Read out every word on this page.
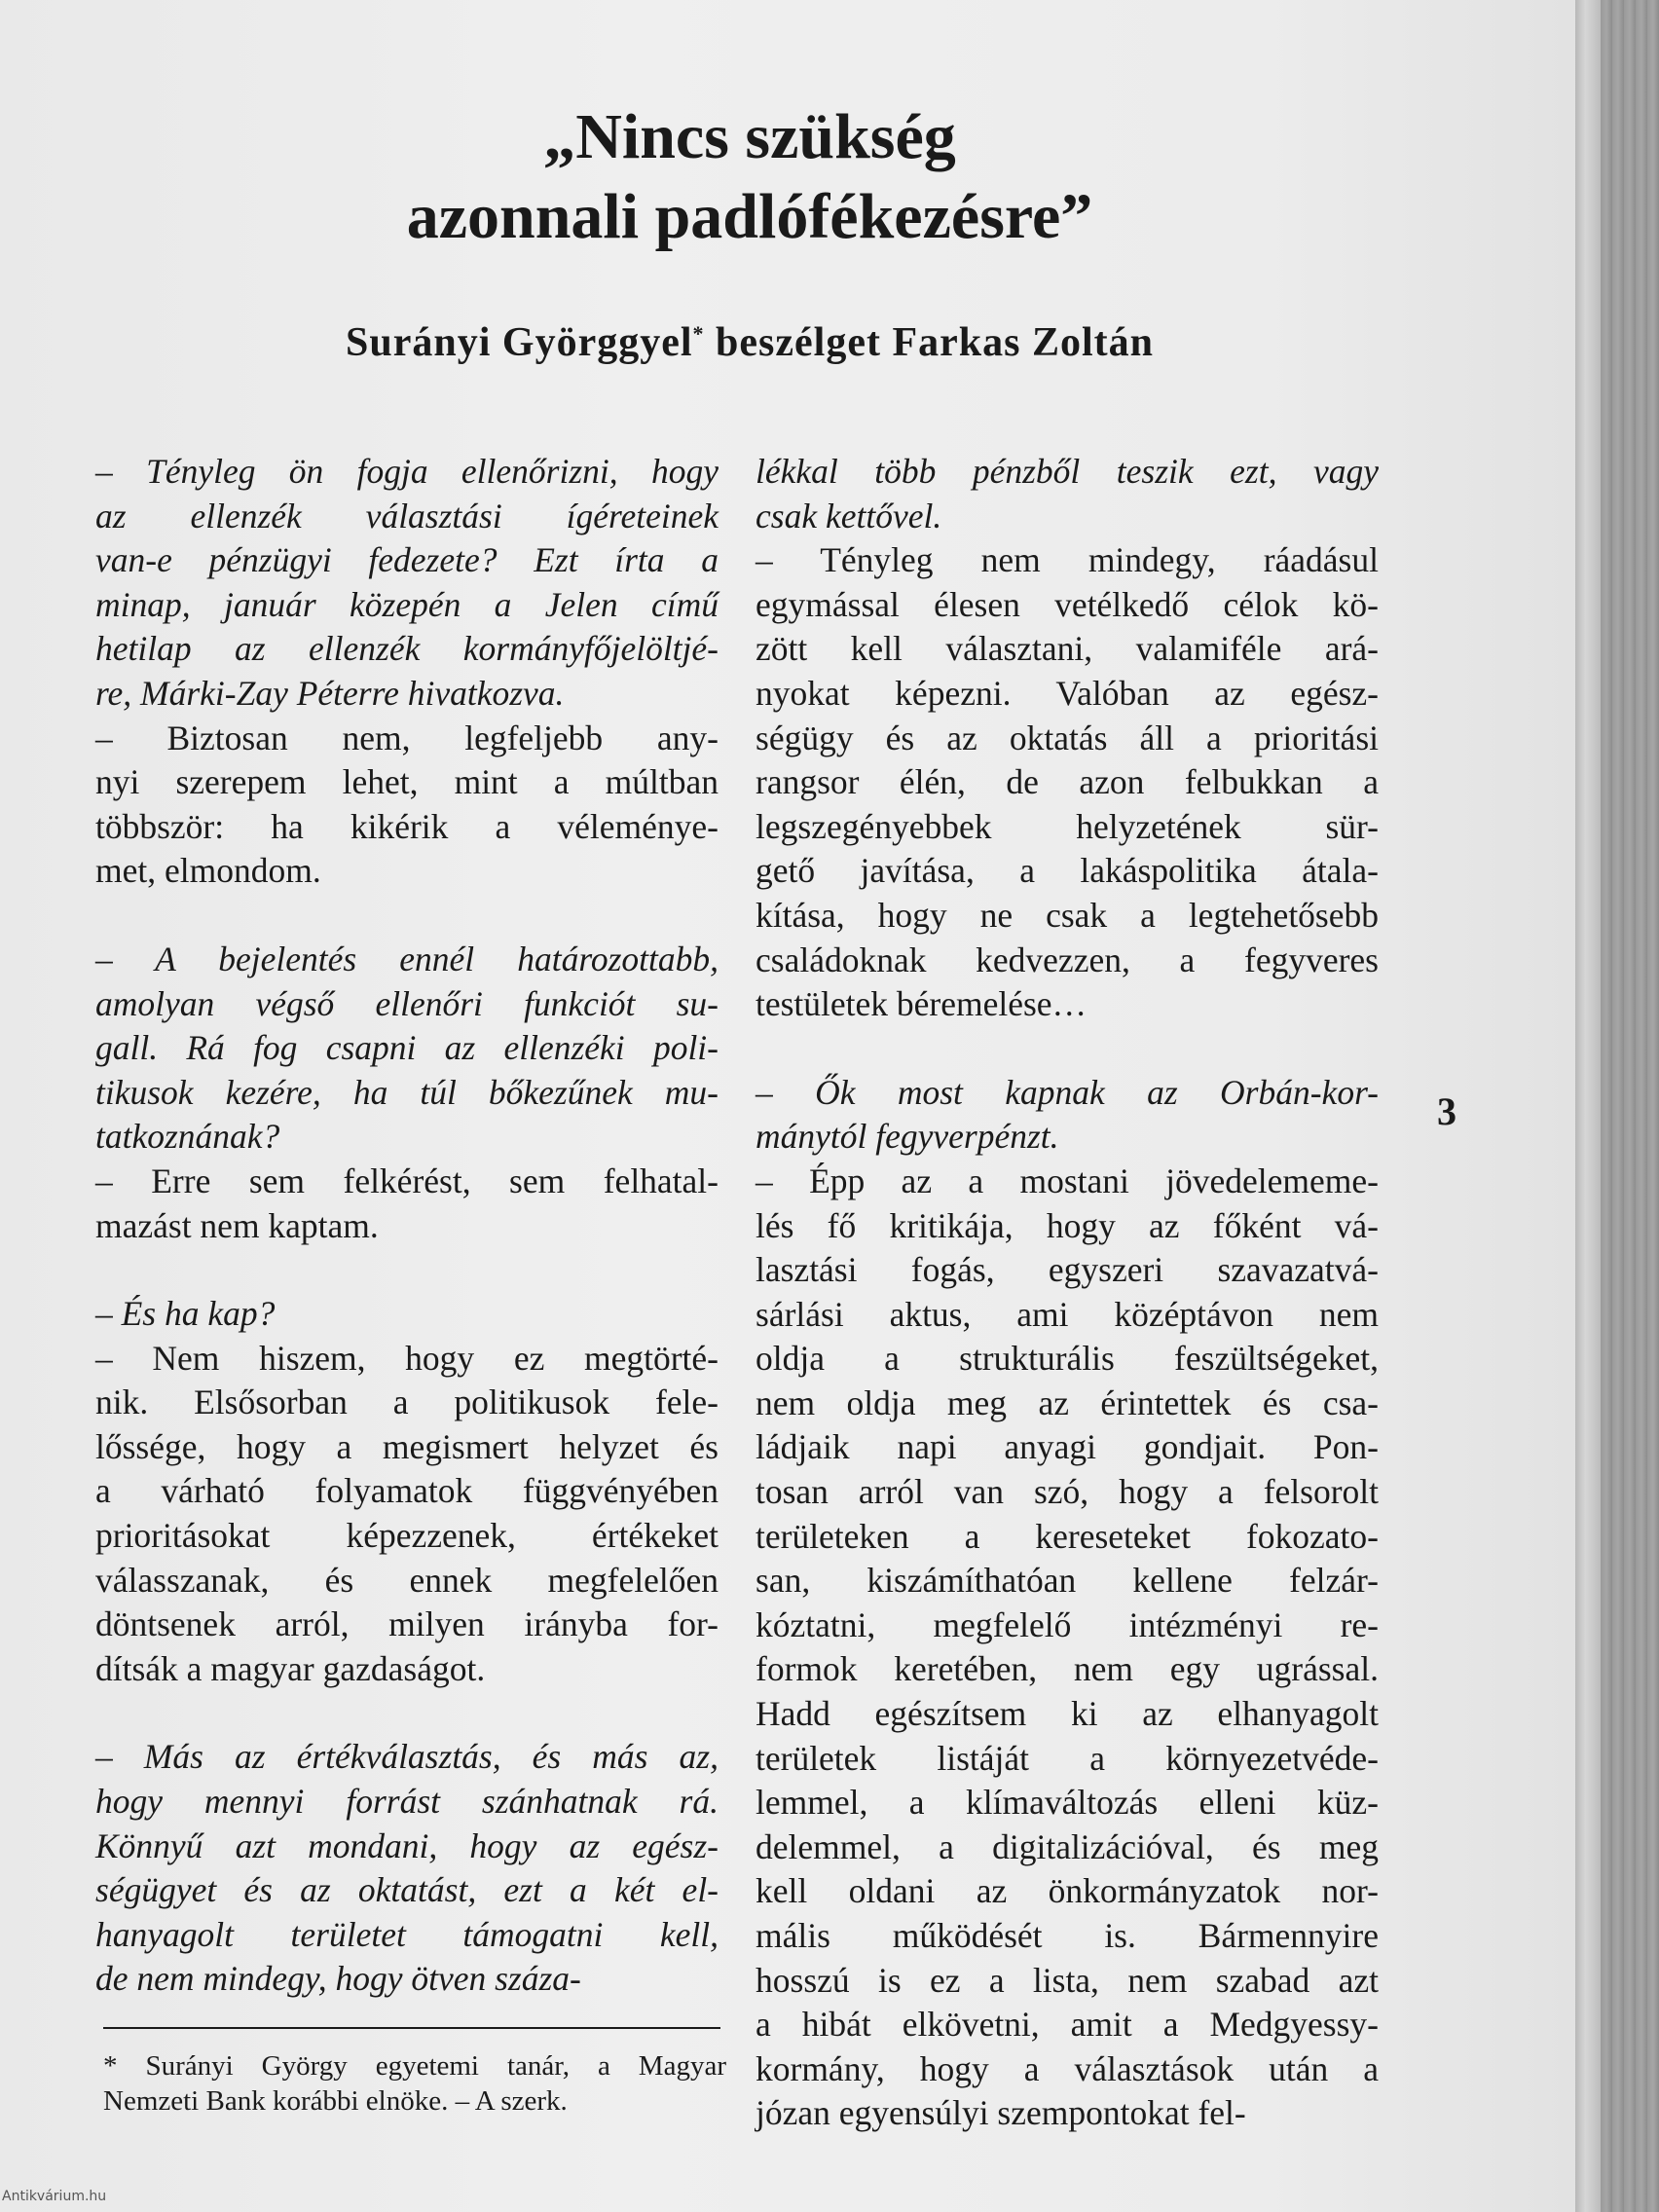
„Nincs szükség
azonnali padlófékezésre”
Surányi Györggyel* beszélget Farkas Zoltán
– Tényleg ön fogja ellenőrizni, hogy
az ellenzék választási ígéreteinek
van-e pénzügyi fedezete? Ezt írta a
minap, január közepén a Jelen című
hetilap az ellenzék kormányfőjelöltjé-
re, Márki-Zay Péterre hivatkozva.
– Biztosan nem, legfeljebb any-
nyi szerepem lehet, mint a múltban
többször: ha kikérik a véleménye-
met, elmondom.
– A bejelentés ennél határozottabb,
amolyan végső ellenőri funkciót su-
gall. Rá fog csapni az ellenzéki poli-
tikusok kezére, ha túl bőkezűnek mu-
tatkoznának?
– Erre sem felkérést, sem felhatal-
mazást nem kaptam.
– És ha kap?
– Nem hiszem, hogy ez megtörté-
nik. Elsősorban a politikusok fele-
lőssége, hogy a megismert helyzet és
a várható folyamatok függvényében
prioritásokat képezzenek, értékeket
válasszanak, és ennek megfelelően
döntsenek arról, milyen irányba for-
dítsák a magyar gazdaságot.
– Más az értékválasztás, és más az,
hogy mennyi forrást szánhatnak rá.
Könnyű azt mondani, hogy az egész-
ségügyet és az oktatást, ezt a két el-
hanyagolt területet támogatni kell,
de nem mindegy, hogy ötven száza-
lékkal több pénzből teszik ezt, vagy
csak kettővel.
– Tényleg nem mindegy, ráadásul
egymással élesen vetélkedő célok kö-
zött kell választani, valamiféle ará-
nyokat képezni. Valóban az egész-
ségügy és az oktatás áll a prioritási
rangsor élén, de azon felbukkan a
legszegényebbek helyzetének sür-
gető javítása, a lakáspolitika átala-
kítása, hogy ne csak a legtehetősebb
családoknak kedvezzen, a fegyveres
testületek béremelése…
– Ők most kapnak az Orbán-kor-
mánytól fegyverpénzt.
– Épp az a mostani jövedelememe-
lés fő kritikája, hogy az főként vá-
lasztási fogás, egyszeri szavazatvá-
sárlási aktus, ami középtávon nem
oldja a strukturális feszültségeket,
nem oldja meg az érintettek és csa-
ládjaik napi anyagi gondjait. Pon-
tosan arról van szó, hogy a felsorolt
területeken a kereseteket fokozato-
san, kiszámíthatóan kellene felzár-
kóztatni, megfelelő intézményi re-
formok keretében, nem egy ugrással.
Hadd egészítsem ki az elhanyagolt
területek listáját a környezetvéde-
lemmel, a klímaváltozás elleni küz-
delemmel, a digitalizációval, és meg
kell oldani az önkormányzatok nor-
mális működését is. Bármennyire
hosszú is ez a lista, nem szabad azt
a hibát elkövetni, amit a Medgyessy-
kormány, hogy a választások után a
józan egyensúlyi szempontokat fel-
* Surányi György egyetemi tanár, a Magyar
Nemzeti Bank korábbi elnöke. – A szerk.
3
Antikvárium.hu
